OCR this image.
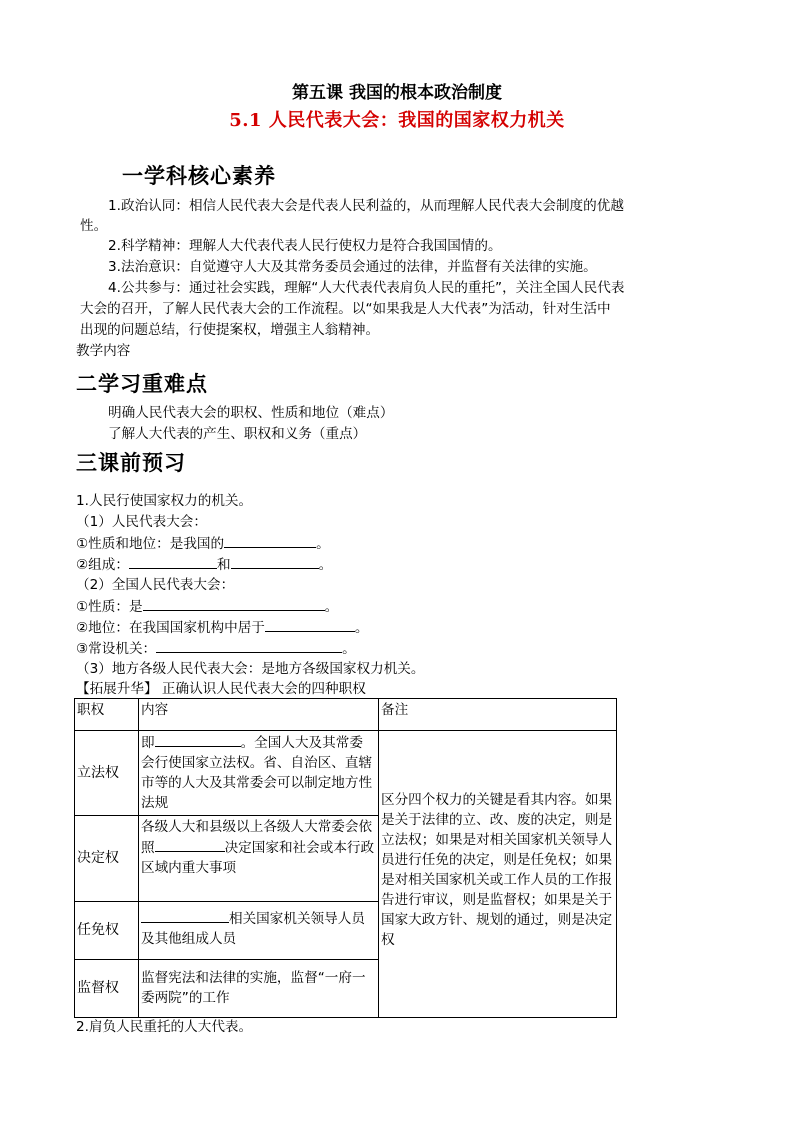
第五课 我国的根本政治制度
5.1 人民代表大会：我国的国家权力机关
一学科核心素养
1.政治认同：相信人民代表大会是代表人民利益的，从而理解人民代表大会制度的优越
性。
2.科学精神：理解人大代表代表人民行使权力是符合我国国情的。
3.法治意识：自觉遵守人大及其常务委员会通过的法律，并监督有关法律的实施。
4.公共参与：通过社会实践，理解“人大代表代表肩负人民的重托”，关注全国人民代表
大会的召开，了解人民代表大会的工作流程。以“如果我是人大代表”为活动，针对生活中
出现的问题总结，行使提案权，增强主人翁精神。
教学内容
二学习重难点
明确人民代表大会的职权、性质和地位（难点）
了解人大代表的产生、职权和义务（重点）
三课前预习
1.人民行使国家权力的机关。
（1）人民代表大会：
①性质和地位：是我国的	。
②组成：	和	。
（2）全国人民代表大会：
①性质：是	。
②地位：在我国国家机构中居于	。
③常设机关：	。
（3）地方各级人民代表大会：是地方各级国家权力机关。
【拓展升华】 正确认识人民代表大会的四种职权
职权	内容	备注
立法权	即 。全国人大及其常委会行使国家立法权。省、自治区、直辖市等的人大及其常委会可以制定地方性法规	区分四个权力的关键是看其内容。如果是关于法律的立、改、废的决定，则是立法权；如果是对相关国家机关领导人员进行任免的决定，则是任免权；如果是对相关国家机关或工作人员的工作报告进行审议，则是监督权；如果是关于国家大政方针、规划的通过，则是决定权

决定权	各级人大和县级以上各级人大常委会依照 决定国家和社会或本行政区域内重大事项	
任免权	相关国家机关领导人员及其他组成人员	
监督权	监督宪法和法律的实施，监督“一府一委两院”的工作	
2.肩负人民重托的人大代表。
